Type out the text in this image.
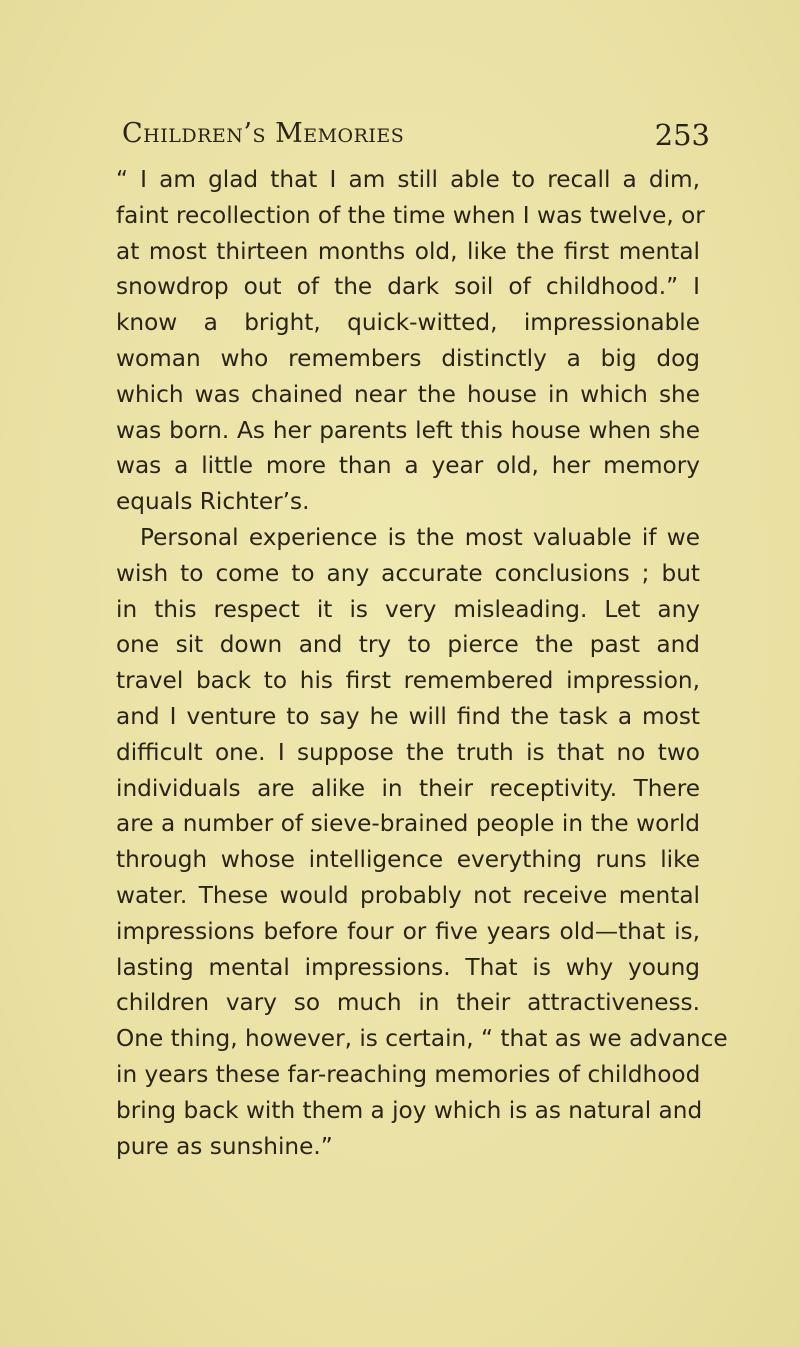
Children’s Memories	253
“ I am glad that I am still able to recall a dim,
faint recollection of the time when I was twelve, or
at most thirteen months old, like the first mental
snowdrop out of the dark soil of childhood.” I
know a bright, quick-witted, impressionable
woman who remembers distinctly a big dog
which was chained near the house in which she
was born. As her parents left this house when she
was a little more than a year old, her memory
equals Richter’s.
Personal experience is the most valuable if we
wish to come to any accurate conclusions ; but
in this respect it is very misleading. Let any
one sit down and try to pierce the past and
travel back to his first remembered impression,
and I venture to say he will find the task a most
difficult one. I suppose the truth is that no two
individuals are alike in their receptivity. There
are a number of sieve-brained people in the world
through whose intelligence everything runs like
water. These would probably not receive mental
impressions before four or five years old—that is,
lasting mental impressions. That is why young
children vary so much in their attractiveness.
One thing, however, is certain, “ that as we advance
in years these far-reaching memories of childhood
bring back with them a joy which is as natural and
pure as sunshine.”
